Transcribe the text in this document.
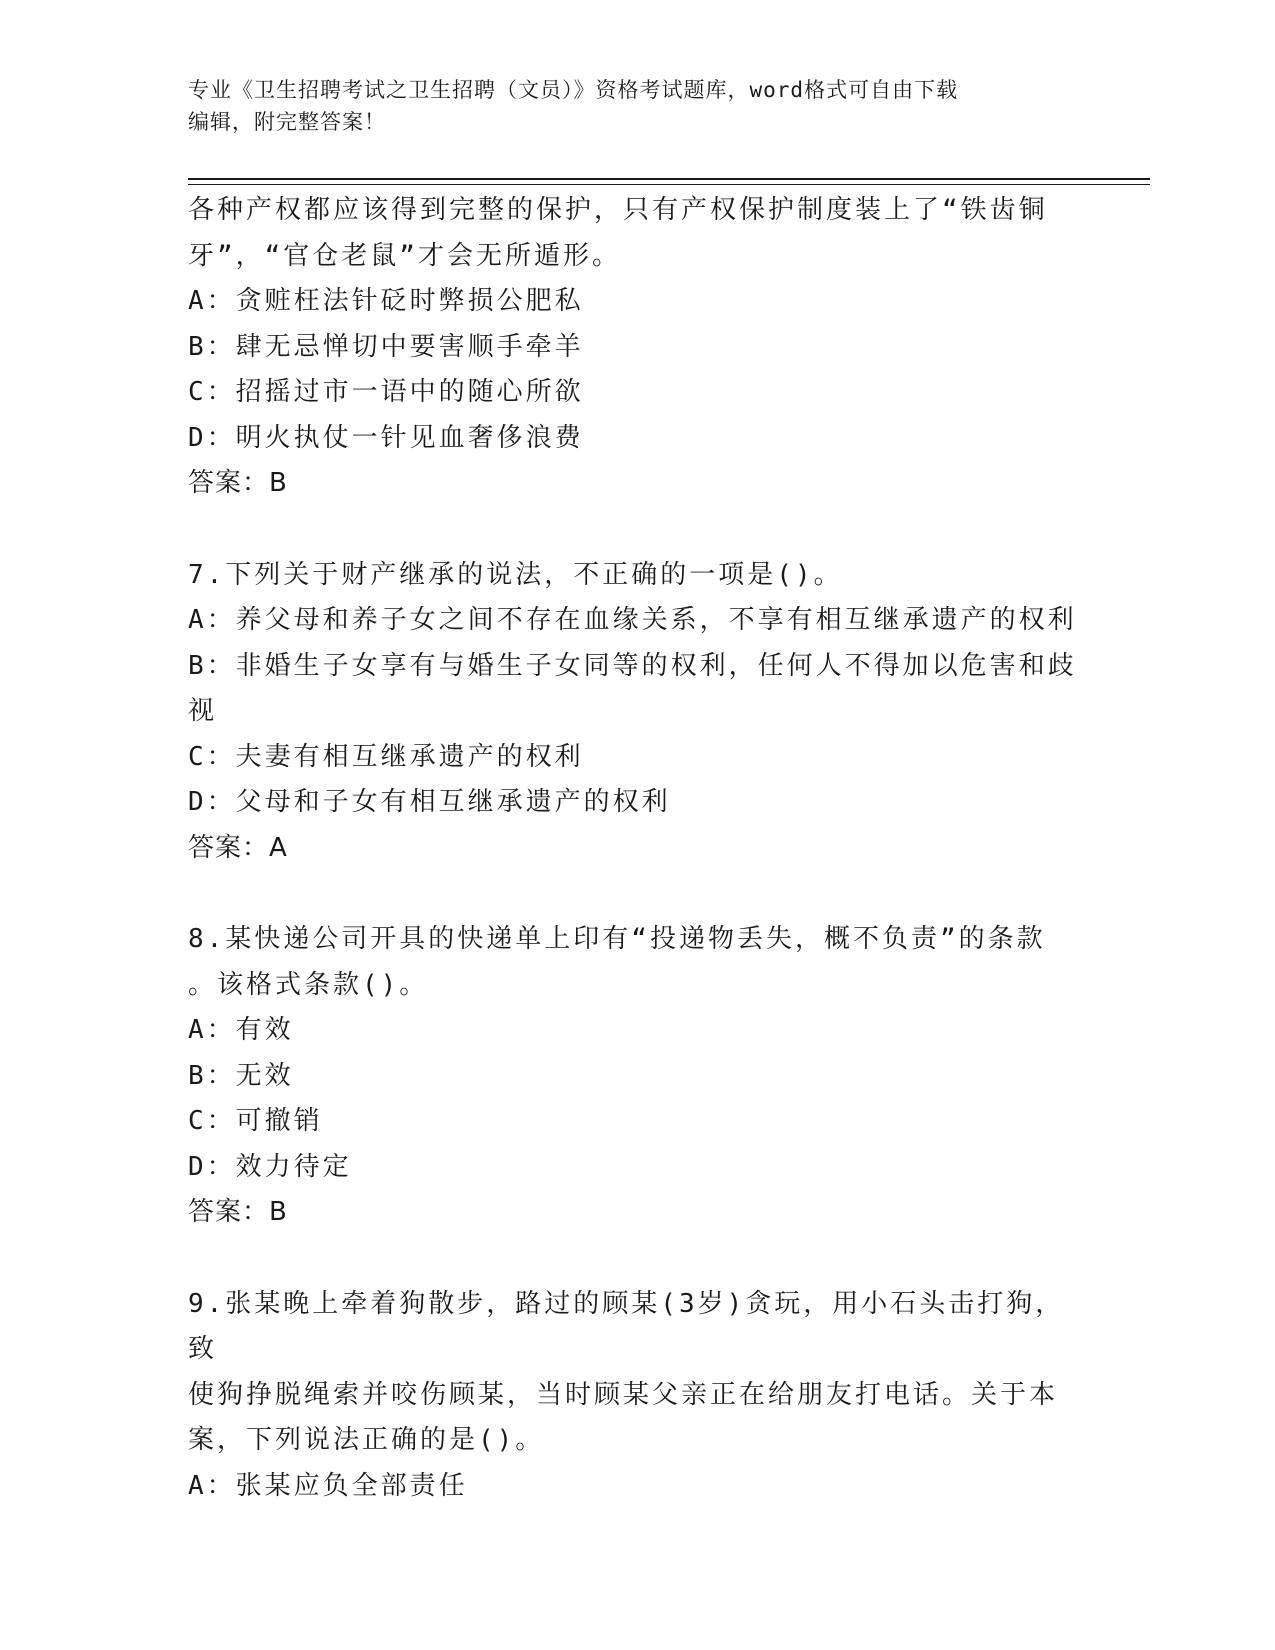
专业《卫生招聘考试之卫生招聘（文员）》资格考试题库，word格式可自由下载
编辑，附完整答案！
各种产权都应该得到完整的保护，只有产权保护制度装上了“铁齿铜
牙”，“官仓老鼠”才会无所遁形。
A：贪赃枉法针砭时弊损公肥私
B：肆无忌惮切中要害顺手牵羊
C：招摇过市一语中的随心所欲
D：明火执仗一针见血奢侈浪费
答案：B
7.下列关于财产继承的说法，不正确的一项是()。
A：养父母和养子女之间不存在血缘关系，不享有相互继承遗产的权利
B：非婚生子女享有与婚生子女同等的权利，任何人不得加以危害和歧
视
C：夫妻有相互继承遗产的权利
D：父母和子女有相互继承遗产的权利
答案：A
8.某快递公司开具的快递单上印有“投递物丢失，概不负责”的条款
。该格式条款()。
A：有效
B：无效
C：可撤销
D：效力待定
答案：B
9.张某晚上牵着狗散步，路过的顾某(3岁)贪玩，用小石头击打狗，致
使狗挣脱绳索并咬伤顾某，当时顾某父亲正在给朋友打电话。关于本
案，下列说法正确的是()。
A：张某应负全部责任
